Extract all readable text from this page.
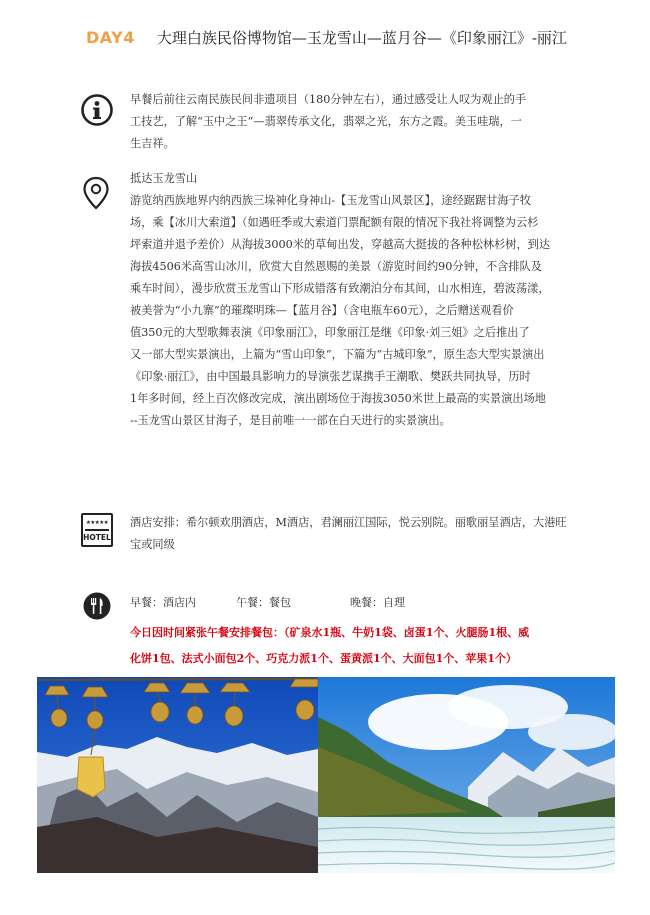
DAY4 大理白族民俗博物馆—玉龙雪山—蓝月谷—《印象丽江》-丽江

早餐后前往云南民族民间非遗项目（180分钟左右），通过感受让人叹为观止的手

工技艺，了解“玉中之王”—翡翠传承文化，翡翠之光，东方之霞。美玉哇瑞，一

生吉祥。

抵达玉龙雪山

游览纳西族地界内纳西族三垛神化身神山-【玉龙雪山风景区】，途经踞踞甘海子牧

场，乘【冰川大索道】（如遇旺季或大索道门票配额有限的情况下我社将调整为云杉

坪索道并退予差价）从海拔3000米的草甸出发，穿越高大挺拔的各种松林杉树，到达

海拔4506米高雪山冰川，欣赏大自然恩赐的美景（游览时间约90分钟，不含排队及

乘车时间），漫步欣赏玉龙雪山下形成错落有致潮泊分布其间，山水相连，碧波荡漾，

被美誉为“小九寨”的璀璨明珠—【蓝月谷】（含电瓶车60元），之后赠送观看价

值350元的大型歌舞表演《印象丽江》，印象丽江是继《印象·刘三姐》之后推出了

又一部大型实景演出，上篇为“雪山印象”，下篇为“古城印象”，原生态大型实景演出

《印象·丽江》，由中国最具影响力的导演张艺谋携手王潮歌、樊跃共同执导，历时

1年多时间，经上百次修改完成，演出剧场位于海拔3050米世上最高的实景演出场地

--玉龙雪山景区甘海子，是目前唯一一部在白天进行的实景演出。

★★★★★
HOTEL

酒店安排：希尔顿欢朋酒店，M酒店，君澜丽江国际，悦云别院。丽歌丽呈酒店，大港旺

宝或同级

早餐：酒店内	午餐：餐包	晚餐：自理

今日因时间紧张午餐安排餐包：（矿泉水1瓶、牛奶1袋、卤蛋1个、火腿肠1根、威

化饼1包、法式小面包2个、巧克力派1个、蛋黄派1个、大面包1个、苹果1个）
